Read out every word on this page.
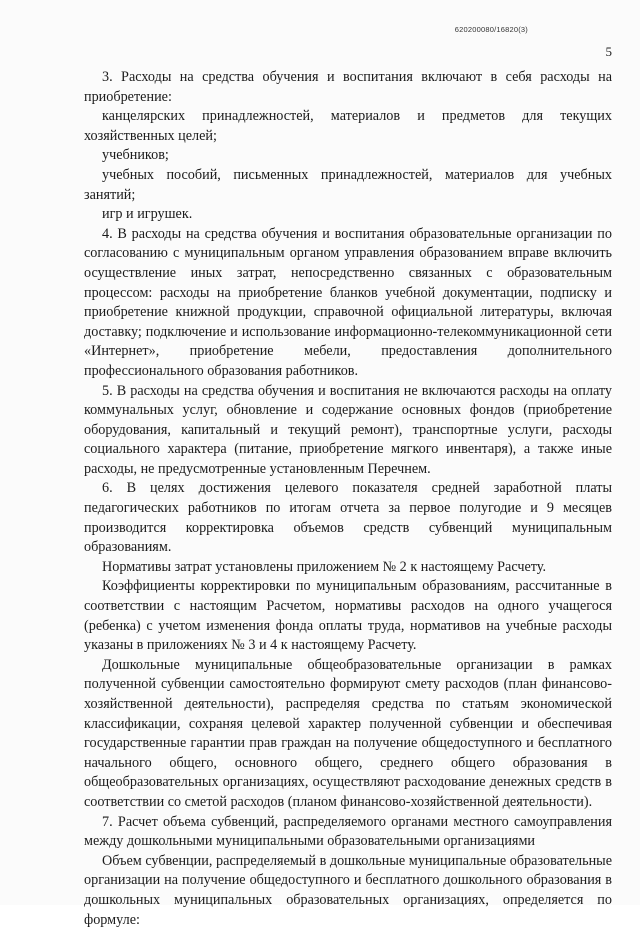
620200080/16820(3)
5

3. Расходы на средства обучения и воспитания включают в себя расходы на приобретение:

канцелярских принадлежностей, материалов и предметов для текущих хозяйственных целей;

учебников;

учебных пособий, письменных принадлежностей, материалов для учебных занятий;

игр и игрушек.

4. В расходы на средства обучения и воспитания образовательные организации по согласованию с муниципальным органом управления образованием вправе включить осуществление иных затрат, непосредственно связанных с образовательным процессом: расходы на приобретение бланков учебной документации, подписку и приобретение книжной продукции, справочной официальной литературы, включая доставку; подключение и использование информационно-телекоммуникационной сети «Интернет», приобретение мебели, предоставления дополнительного профессионального образования работников.

5. В расходы на средства обучения и воспитания не включаются расходы на оплату коммунальных услуг, обновление и содержание основных фондов (приобретение оборудования, капитальный и текущий ремонт), транспортные услуги, расходы социального характера (питание, приобретение мягкого инвентаря), а также иные расходы, не предусмотренные установленным Перечнем.

6. В целях достижения целевого показателя средней заработной платы педагогических работников по итогам отчета за первое полугодие и 9 месяцев производится корректировка объемов средств субвенций муниципальным образованиям.

Нормативы затрат установлены приложением № 2 к настоящему Расчету.

Коэффициенты корректировки по муниципальным образованиям, рассчитанные в соответствии с настоящим Расчетом, нормативы расходов на одного учащегося (ребенка) с учетом изменения фонда оплаты труда, нормативов на учебные расходы указаны в приложениях № 3 и 4 к настоящему Расчету.

Дошкольные муниципальные общеобразовательные организации в рамках полученной субвенции самостоятельно формируют смету расходов (план финансово-хозяйственной деятельности), распределяя средства по статьям экономической классификации, сохраняя целевой характер полученной субвенции и обеспечивая государственные гарантии прав граждан на получение общедоступного и бесплатного начального общего, основного общего, среднего общего образования в общеобразовательных организациях, осуществляют расходование денежных средств в соответствии со сметой расходов (планом финансово-хозяйственной деятельности).

7. Расчет объема субвенций, распределяемого органами местного самоуправления между дошкольными муниципальными образовательными организациями

Объем субвенции, распределяемый в дошкольные муниципальные образовательные организации на получение общедоступного и бесплатного дошкольного образования в дошкольных муниципальных образовательных организациях, определяется по формуле:
